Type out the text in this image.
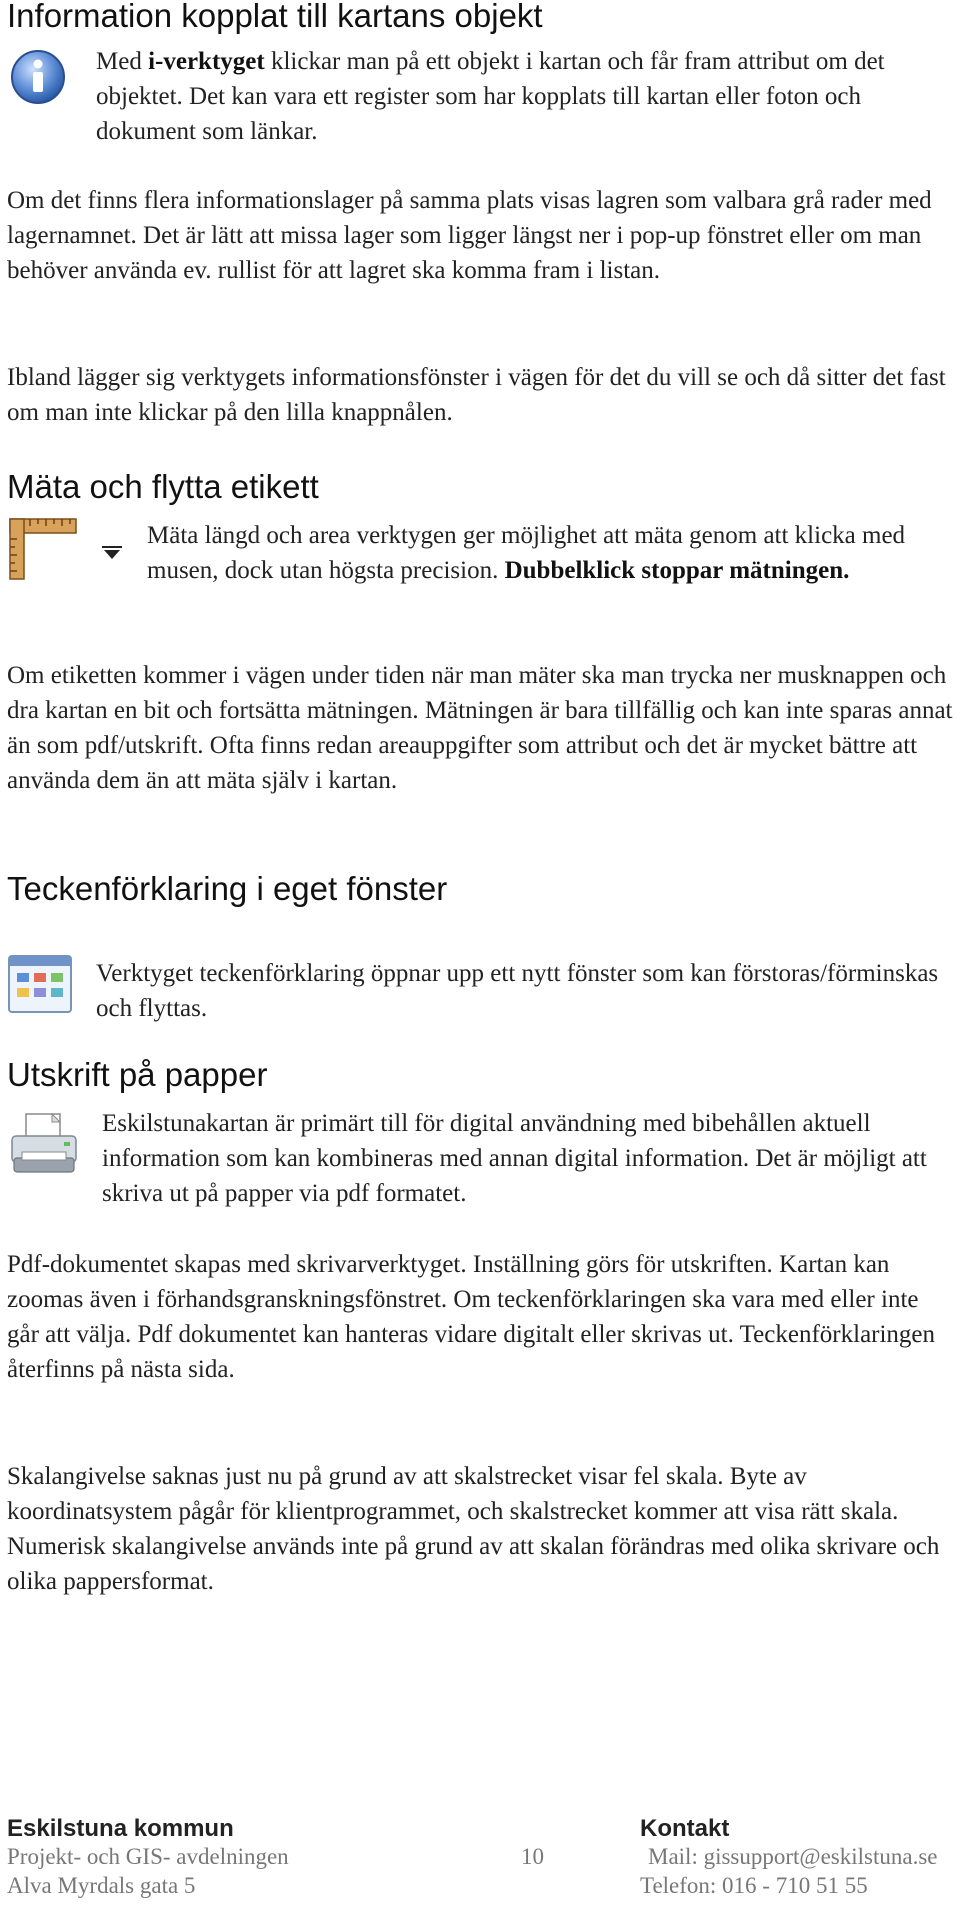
Information kopplat till kartans objekt

Med i-verktyget klickar man på ett objekt i kartan och får fram attribut om det objektet. Det kan vara ett register som har kopplats till kartan eller foton och dokument som länkar.

Om det finns flera informationslager på samma plats visas lagren som valbara grå rader med lagernamnet. Det är lätt att missa lager som ligger längst ner i pop-up fönstret eller om man behöver använda ev. rullist för att lagret ska komma fram i listan.

Ibland lägger sig verktygets informationsfönster i vägen för det du vill se och då sitter det fast om man inte klickar på den lilla knappnålen.

Mäta och flytta etikett

Mäta längd och area verktygen ger möjlighet att mäta genom att klicka med musen, dock utan högsta precision. Dubbelklick stoppar mätningen.

Om etiketten kommer i vägen under tiden när man mäter ska man trycka ner musknappen och dra kartan en bit och fortsätta mätningen. Mätningen är bara tillfällig och kan inte sparas annat än som pdf/utskrift. Ofta finns redan areauppgifter som attribut och det är mycket bättre att använda dem än att mäta själv i kartan.

Teckenförklaring i eget fönster

Verktyget teckenförklaring öppnar upp ett nytt fönster som kan förstoras/förminskas och flyttas.

Utskrift på papper

Eskilstunakartan är primärt till för digital användning med bibehållen aktuell information som kan kombineras med annan digital information. Det är möjligt att skriva ut på papper via pdf formatet.

Pdf-dokumentet skapas med skrivarverktyget. Inställning görs för utskriften. Kartan kan zoomas även i förhandsgranskningsfönstret. Om teckenförklaringen ska vara med eller inte går att välja. Pdf dokumentet kan hanteras vidare digitalt eller skrivas ut. Teckenförklaringen återfinns på nästa sida.

Skalangivelse saknas just nu på grund av att skalstrecket visar fel skala. Byte av koordinatsystem pågår för klientprogrammet, och skalstrecket kommer att visa rätt skala. Numerisk skalangivelse används inte på grund av att skalan förändras med olika skrivare och olika pappersformat.

Eskilstuna kommun
Projekt- och GIS- avdelningen
Alva Myrdals gata 5
10
Kontakt
Mail: gissupport@eskilstuna.se
Telefon: 016 - 710 51 55
